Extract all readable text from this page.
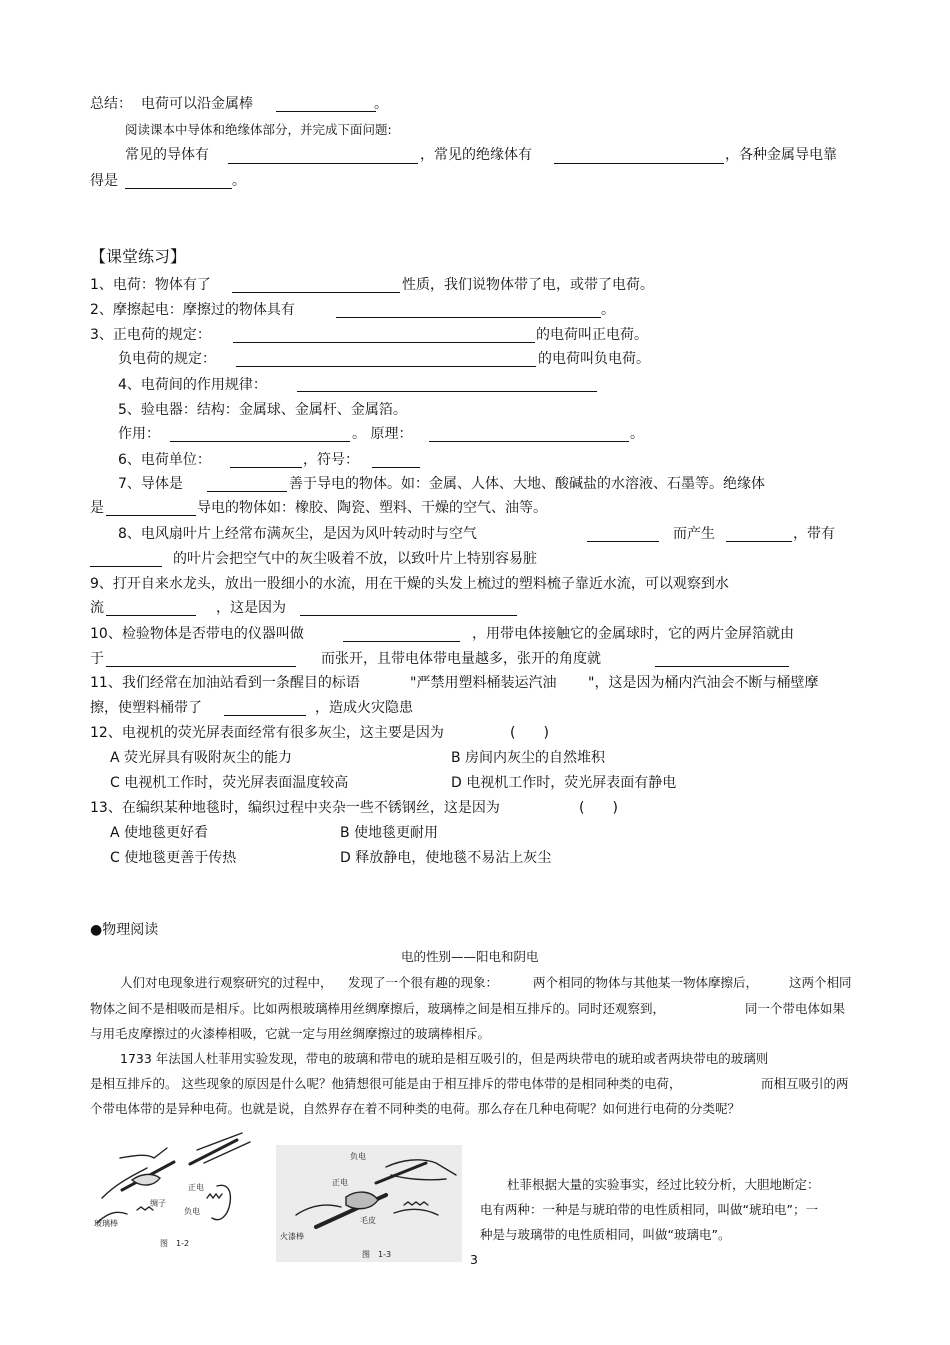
总结： 电荷可以沿金属棒	。
阅读课本中导体和绝缘体部分，并完成下面问题:
常见的导体有	，常见的绝缘体有	，各种金属导电靠
得是	。
【课堂练习】
1、电荷：物体有了	性质，我们说物体带了电，或带了电荷。
2、摩擦起电：摩擦过的物体具有	。
3、正电荷的规定：	的电荷叫正电荷。
负电荷的规定：	的电荷叫负电荷。
4、电荷间的作用规律：
5、验电器：结构：金属球、金属杆、金属箔。
作用：	。 原理：	。
6、电荷单位：	，符号：
7、导体是	善于导电的物体。如：金属、人体、大地、酸碱盐的水溶液、石墨等。绝缘体
是	导电的物体如：橡胶、陶瓷、塑料、干燥的空气、油等。
8、电风扇叶片上经常布满灰尘，是因为风叶转动时与空气	而产生	，带有
的叶片会把空气中的灰尘吸着不放，以致叶片上特别容易脏
9、打开自来水龙头，放出一股细小的水流，用在干燥的头发上梳过的塑料梳子靠近水流，可以观察到水
流	，这是因为
10、检验物体是否带电的仪器叫做	，用带电体接触它的金属球时，它的两片金屏箔就由
于	而张开，且带电体带电量越多，张开的角度就
11、我们经常在加油站看到一条醒目的标语	"严禁用塑料桶装运汽油 "，这是因为桶内汽油会不断与桶壁摩
擦，使塑料桶带了	，造成火灾隐患
12、电视机的荧光屏表面经常有很多灰尘，这主要是因为	(　　)
A 荧光屏具有吸附灰尘的能力	B 房间内灰尘的自然堆积
C 电视机工作时，荧光屏表面温度较高	D 电视机工作时，荧光屏表面有静电
13、在编织某种地毯时，编织过程中夹杂一些不锈钢丝，这是因为	(　　)
A 使地毯更好看	B 使地毯更耐用
C 使地毯更善于传热	D 释放静电，使地毯不易沾上灰尘
●物理阅读
电的性别——阳电和阴电
人们对电现象进行观察研究的过程中， 发现了一个很有趣的现象：	两个相同的物体与其他某一物体摩擦后， 这两个相同
物体之间不是相吸而是相斥。比如两根玻璃棒用丝绸摩擦后，玻璃棒之间是相互排斥的。同时还观察到，	同一个带电体如果
与用毛皮摩擦过的火漆棒相吸，它就一定与用丝绸摩擦过的玻璃棒相斥。
1733 年法国人杜菲用实验发现，带电的玻璃和带电的琥珀是相互吸引的，但是两块带电的琥珀或者两块带电的玻璃则
是相互排斥的。 这些现象的原因是什么呢？他猜想很可能是由于相互排斥的带电体带的是相同种类的电荷，	而相互吸引的两
个带电体带的是异种电荷。也就是说，自然界存在着不同种类的电荷。那么存在几种电荷呢？如何进行电荷的分类呢？
绸子
正电
负电
玻璃棒
图　1-2
负电
正电
毛皮
火漆棒
图　1-3
杜菲根据大量的实验事实，经过比较分析，大胆地断定：
电有两种：一种是与琥珀带的电性质相同，叫做“琥珀电”；一
种是与玻璃带的电性质相同，叫做“玻璃电”。
3
